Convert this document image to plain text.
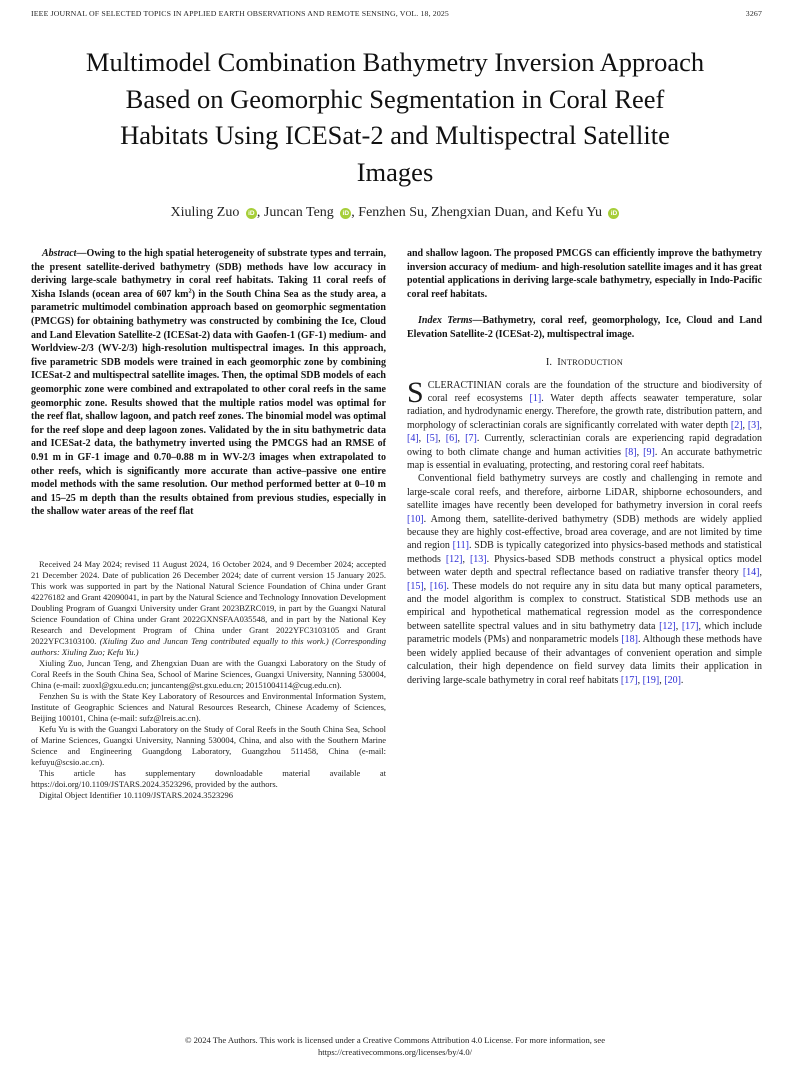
IEEE JOURNAL OF SELECTED TOPICS IN APPLIED EARTH OBSERVATIONS AND REMOTE SENSING, VOL. 18, 2025	3267
Multimodel Combination Bathymetry Inversion Approach Based on Geomorphic Segmentation in Coral Reef Habitats Using ICESat-2 and Multispectral Satellite Images
Xiuling Zuo iD , Juncan Teng iD , Fenzhen Su, Zhengxian Duan, and Kefu Yu iD

Abstract—Owing to the high spatial heterogeneity of substrate types and terrain, the present satellite-derived bathymetry (SDB) methods have low accuracy in deriving large-scale bathymetry in coral reef habitats. Taking 11 coral reefs of Xisha Islands (ocean area of 607 $km^2$) in the South China Sea as the study area, a parametric multimodel combination approach based on geomorphic segmentation (PMCGS) for obtaining bathymetry was constructed by combining the Ice, Cloud and Land Elevation Satellite-2 (ICESat-2) data with Gaofen-1 (GF-1) medium- and Worldview-2/3 (WV-2/3) high-resolution multispectral images. In this approach, five parametric SDB models were trained in each geomorphic zone by combining ICESat-2 and multispectral satellite images. Then, the optimal SDB models of each geomorphic zone were combined and extrapolated to other coral reefs in the same geomorphic zone. Results showed that the multiple ratios model was optimal for the reef flat, shallow lagoon, and patch reef zones. The binomial model was optimal for the reef slope and deep lagoon zones. Validated by the in situ bathymetric data and ICESat-2 data, the bathymetry inverted using the PMCGS had an RMSE of 0.91 m in GF-1 image and 0.70–0.88 m in WV-2/3 images when extrapolated to other reefs, which is significantly more accurate than active–passive one entire model methods with the same resolution. Our method performed better at 0–10 m and 15–25 m depth than the results obtained from previous studies, especially in the shallow water areas of the reef flat

Received 24 May 2024; revised 11 August 2024, 16 October 2024, and 9 December 2024; accepted 21 December 2024. Date of publication 26 December 2024; date of current version 15 January 2025. This work was supported in part by the National Natural Science Foundation of China under Grant 42276182 and Grant 42090041, in part by the Natural Science and Technology Innovation Development Doubling Program of Guangxi University under Grant 2023BZRC019, in part by the Guangxi Natural Science Foundation of China under Grant 2022GXNSFAA035548, and in part by the National Key Research and Development Program of China under Grant 2022YFC3103105 and Grant 2022YFC3103100. (Xiuling Zuo and Juncan Teng contributed equally to this work.) (Corresponding authors: Xiuling Zuo; Kefu Yu.)

Xiuling Zuo, Juncan Teng, and Zhengxian Duan are with the Guangxi Laboratory on the Study of Coral Reefs in the South China Sea, School of Marine Sciences, Guangxi University, Nanning 530004, China (e-mail: zuoxl@gxu.edu.cn; juncanteng@st.gxu.edu.cn; 20151004114@cug.edu.cn).

Fenzhen Su is with the State Key Laboratory of Resources and Environmental Information System, Institute of Geographic Sciences and Natural Resources Research, Chinese Academy of Sciences, Beijing 100101, China (e-mail: sufz@lreis.ac.cn).

Kefu Yu is with the Guangxi Laboratory on the Study of Coral Reefs in the South China Sea, School of Marine Sciences, Guangxi University, Nanning 530004, China, and also with the Southern Marine Science and Engineering Guangdong Laboratory, Guangzhou 511458, China (e-mail: kefuyu@scsio.ac.cn).

This article has supplementary downloadable material available at https://doi.org/10.1109/JSTARS.2024.3523296, provided by the authors.

Digital Object Identifier 10.1109/JSTARS.2024.3523296

and shallow lagoon. The proposed PMCGS can efficiently improve the bathymetry inversion accuracy of medium- and high-resolution satellite images and it has great potential applications in deriving large-scale bathymetry, especially in Indo-Pacific coral reef habitats.

Index Terms—Bathymetry, coral reef, geomorphology, Ice, Cloud and Land Elevation Satellite-2 (ICESat-2), multispectral image.

I. INTRODUCTION

SCLERACTINIAN corals are the foundation of the structure and biodiversity of coral reef ecosystems [1]. Water depth affects seawater temperature, solar radiation, and hydrodynamic energy. Therefore, the growth rate, distribution pattern, and morphology of scleractinian corals are significantly correlated with water depth [2], [3], [4], [5], [6], [7]. Currently, scleractinian corals are experiencing rapid degradation owing to both climate change and human activities [8], [9]. An accurate bathymetric map is essential in evaluating, protecting, and restoring coral reef habitats.

Conventional field bathymetry surveys are costly and challenging in remote and large-scale coral reefs, and therefore, airborne LiDAR, shipborne echosounders, and satellite images have recently been developed for bathymetry inversion in coral reefs [10]. Among them, satellite-derived bathymetry (SDB) methods are widely applied because they are highly cost-effective, broad area coverage, and are not limited by time and region [11]. SDB is typically categorized into physics-based methods and statistical methods [12], [13]. Physics-based SDB methods construct a physical optics model between water depth and spectral reflectance based on radiative transfer theory [14], [15], [16]. These models do not require any in situ data but many optical parameters, and the model algorithm is complex to construct. Statistical SDB methods use an empirical and hypothetical mathematical regression model as the correspondence between satellite spectral values and in situ bathymetry data [12], [17], which include parametric models (PMs) and nonparametric models [18]. Although these methods have been widely applied because of their advantages of convenient operation and simple calculation, their high dependence on field survey data limits their application in deriving large-scale bathymetry in coral reef habitats [17], [19], [20].

© 2024 The Authors. This work is licensed under a Creative Commons Attribution 4.0 License. For more information, see
https://creativecommons.org/licenses/by/4.0/
